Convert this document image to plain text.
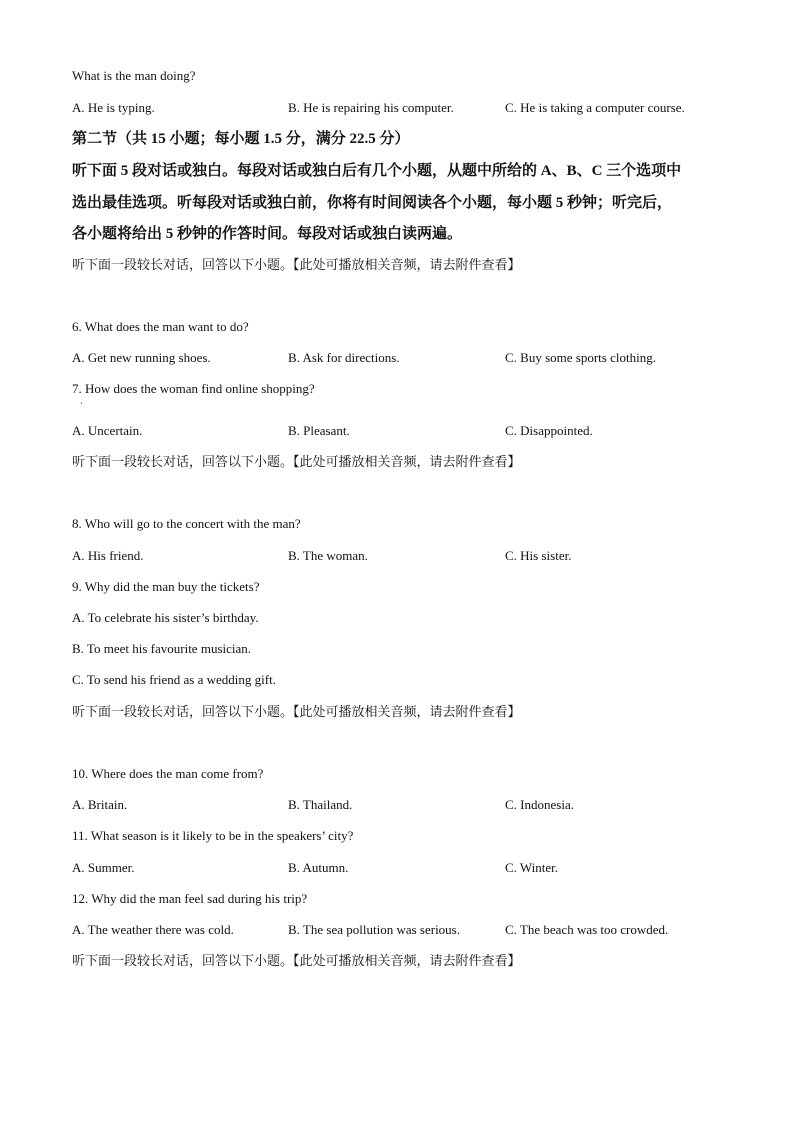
What is the man doing?
A. He is typing.	B. He is repairing his computer.	C. He is taking a computer course.
第二节（共 15 小题；每小题 1.5 分，满分 22.5 分）
听下面 5 段对话或独白。每段对话或独白后有几个小题，从题中所给的 A、B、C 三个选项中
选出最佳选项。听每段对话或独白前，你将有时间阅读各个小题，每小题 5 秒钟；听完后，
各小题将给出 5 秒钟的作答时间。每段对话或独白读两遍。
听下面一段较长对话，回答以下小题。【此处可播放相关音频，请去附件查看】
6. What does the man want to do?
A. Get new running shoes.	B. Ask for directions.	C. Buy some sports clothing.
7. How does the woman find online shopping?
·
A. Uncertain.	B. Pleasant.	C. Disappointed.
听下面一段较长对话，回答以下小题。【此处可播放相关音频，请去附件查看】
8. Who will go to the concert with the man?
A. His friend.	B. The woman.	C. His sister.
9. Why did the man buy the tickets?
A. To celebrate his sister’s birthday.
B. To meet his favourite musician.
C. To send his friend as a wedding gift.
听下面一段较长对话，回答以下小题。【此处可播放相关音频，请去附件查看】
10. Where does the man come from?
A. Britain.	B. Thailand.	C. Indonesia.
11. What season is it likely to be in the speakers’ city?
A. Summer.	B. Autumn.	C. Winter.
12. Why did the man feel sad during his trip?
A. The weather there was cold.	B. The sea pollution was serious.	C. The beach was too crowded.
听下面一段较长对话，回答以下小题。【此处可播放相关音频，请去附件查看】
